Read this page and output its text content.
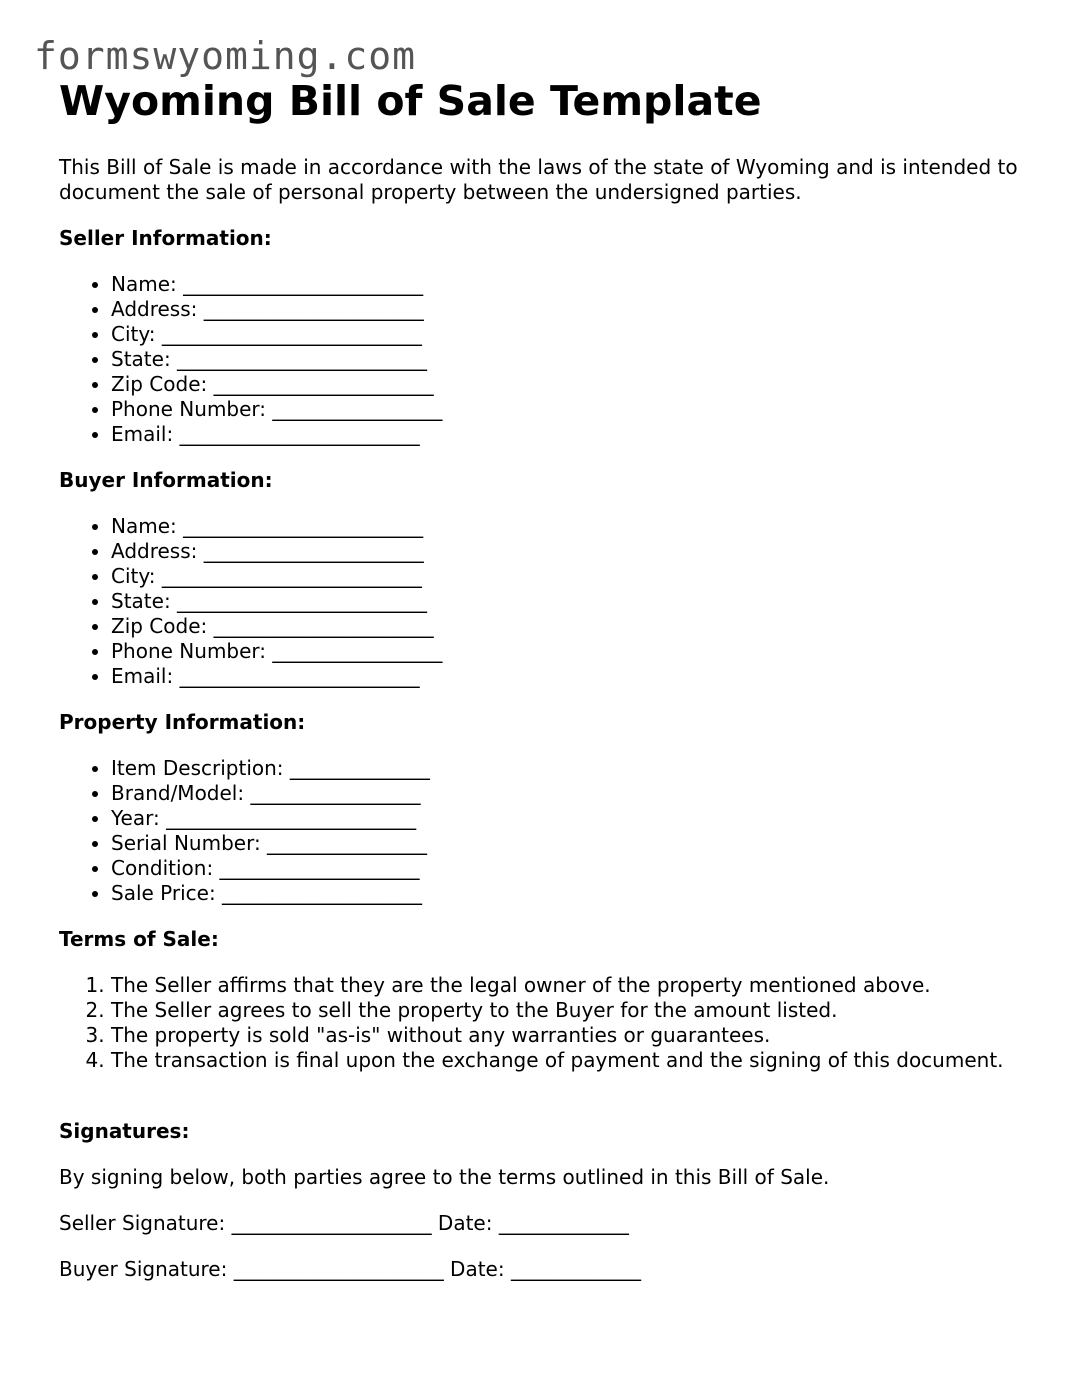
formswyoming.com
Wyoming Bill of Sale Template

This Bill of Sale is made in accordance with the laws of the state of Wyoming and is intended to document the sale of personal property between the undersigned parties.

Seller Information:
• Name: ________________________
• Address: ______________________
• City: __________________________
• State: _________________________
• Zip Code: ______________________
• Phone Number: _________________
• Email: ________________________
Buyer Information:
• Name: ________________________
• Address: ______________________
• City: __________________________
• State: _________________________
• Zip Code: ______________________
• Phone Number: _________________
• Email: ________________________
Property Information:
• Item Description: ______________
• Brand/Model: _________________
• Year: _________________________
• Serial Number: ________________
• Condition: ____________________
• Sale Price: ____________________
Terms of Sale:
1. The Seller affirms that they are the legal owner of the property mentioned above.
2. The Seller agrees to sell the property to the Buyer for the amount listed.
3. The property is sold "as-is" without any warranties or guarantees.
4. The transaction is final upon the exchange of payment and the signing of this document.
Signatures:

By signing below, both parties agree to the terms outlined in this Bill of Sale.

Seller Signature: ____________________ Date: _____________

Buyer Signature: _____________________ Date: _____________
